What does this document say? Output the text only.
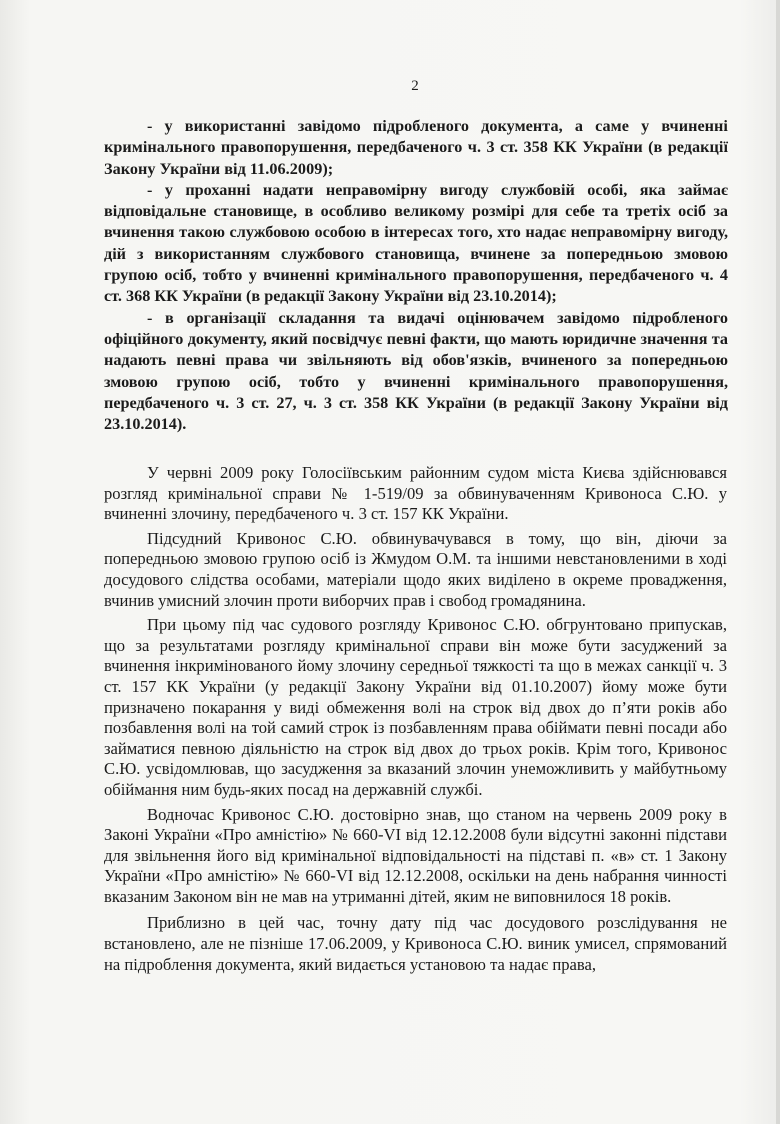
2

- у використанні завідомо підробленого документа, а саме у вчиненні кримінального правопорушення, передбаченого ч. 3 ст. 358 КК України (в редакції Закону України від 11.06.2009);

- у проханні надати неправомірну вигоду службовій особі, яка займає відповідальне становище, в особливо великому розмірі для себе та третіх осіб за вчинення такою службовою особою в інтересах того, хто надає неправомірну вигоду, дій з використанням службового становища, вчинене за попередньою змовою групою осіб, тобто у вчиненні кримінального правопорушення, передбаченого ч. 4 ст. 368 КК України (в редакції Закону України від 23.10.2014);

- в організації складання та видачі оцінювачем завідомо підробленого офіційного документу, який посвідчує певні факти, що мають юридичне значення та надають певні права чи звільняють від обов'язків, вчиненого за попередньою змовою групою осіб, тобто у вчиненні кримінального правопорушення, передбаченого ч. 3 ст. 27, ч. 3 ст. 358 КК України (в редакції Закону України від 23.10.2014).

У червні 2009 року Голосіївським районним судом міста Києва здійснювався розгляд кримінальної справи № 1-519/09 за обвинуваченням Кривоноса С.Ю. у вчиненні злочину, передбаченого ч. 3 ст. 157 КК України.

Підсудний Кривонос С.Ю. обвинувачувався в тому, що він, діючи за попередньою змовою групою осіб із Жмудом О.М. та іншими невстановленими в ході досудового слідства особами, матеріали щодо яких виділено в окреме провадження, вчинив умисний злочин проти виборчих прав і свобод громадянина.

При цьому під час судового розгляду Кривонос С.Ю. обгрунтовано припускав, що за результатами розгляду кримінальної справи він може бути засуджений за вчинення інкримінованого йому злочину середньої тяжкості та що в межах санкції ч. 3 ст. 157 КК України (у редакції Закону України від 01.10.2007) йому може бути призначено покарання у виді обмеження волі на строк від двох до п’яти років або позбавлення волі на той самий строк із позбавленням права обіймати певні посади або займатися певною діяльністю на строк від двох до трьох років. Крім того, Кривонос С.Ю. усвідомлював, що засудження за вказаний злочин унеможливить у майбутньому обіймання ним будь-яких посад на державній службі.

Водночас Кривонос С.Ю. достовірно знав, що станом на червень 2009 року в Законі України «Про амністію» № 660-VI від 12.12.2008 були відсутні законні підстави для звільнення його від кримінальної відповідальності на підставі п. «в» ст. 1 Закону України «Про амністію» № 660-VI від 12.12.2008, оскільки на день набрання чинності вказаним Законом він не мав на утриманні дітей, яким не виповнилося 18 років.

Приблизно в цей час, точну дату під час досудового розслідування не встановлено, але не пізніше 17.06.2009, у Кривоноса С.Ю. виник умисел, спрямований на підроблення документа, який видається установою та надає права,
